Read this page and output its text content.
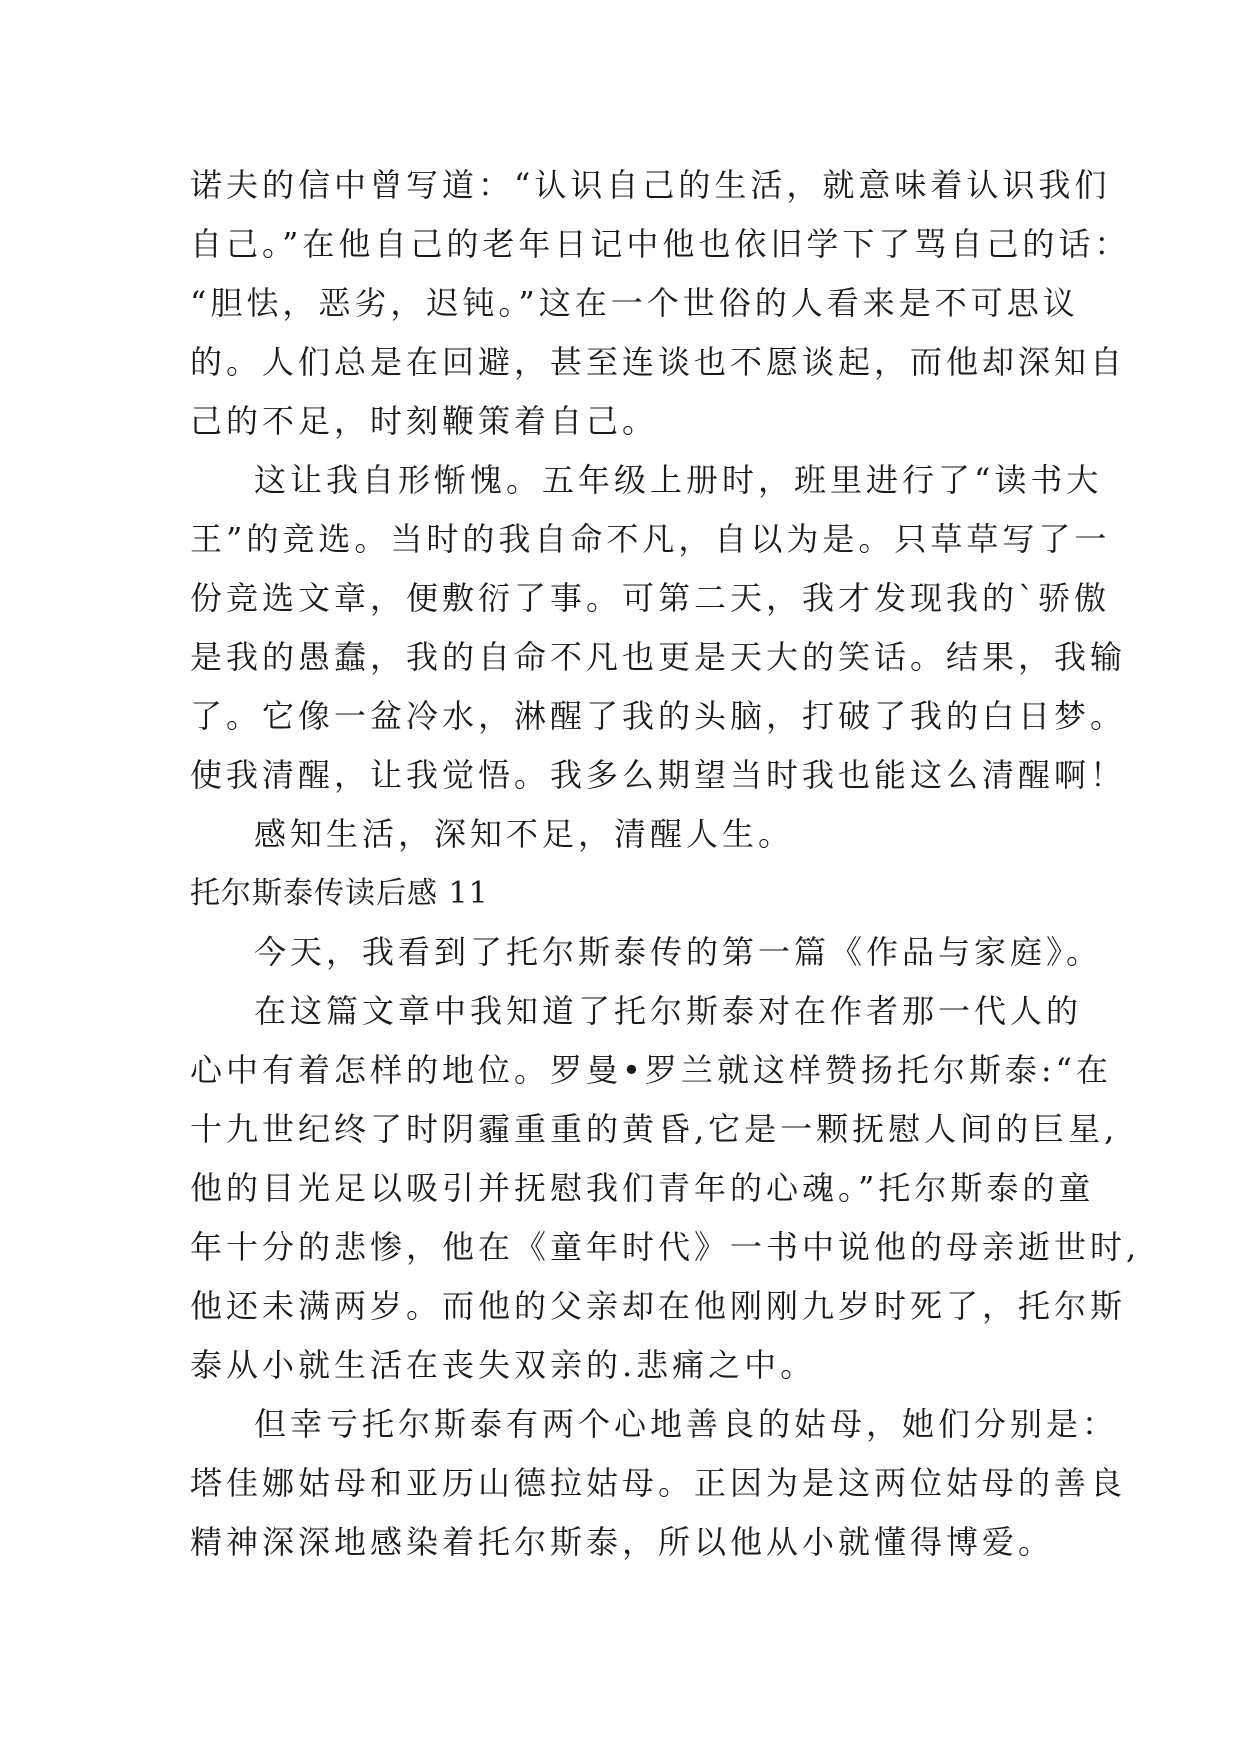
诺夫的信中曾写道：“认识自己的生活，就意味着认识我们
自己。”在他自己的老年日记中他也依旧学下了骂自己的话：
“胆怯，恶劣，迟钝。”这在一个世俗的人看来是不可思议
的。人们总是在回避，甚至连谈也不愿谈起，而他却深知自
己的不足，时刻鞭策着自己。
这让我自形惭愧。五年级上册时，班里进行了“读书大
王”的竞选。当时的我自命不凡，自以为是。只草草写了一
份竞选文章，便敷衍了事。可第二天，我才发现我的`骄傲
是我的愚蠢，我的自命不凡也更是天大的笑话。结果，我输
了。它像一盆冷水，淋醒了我的头脑，打破了我的白日梦。
使我清醒，让我觉悟。我多么期望当时我也能这么清醒啊！
感知生活，深知不足，清醒人生。
托尔斯泰传读后感 11
今天，我看到了托尔斯泰传的第一篇《作品与家庭》。
在这篇文章中我知道了托尔斯泰对在作者那一代人的
心中有着怎样的地位。罗曼•罗兰就这样赞扬托尔斯泰:“在
十九世纪终了时阴霾重重的黄昏,它是一颗抚慰人间的巨星,
他的目光足以吸引并抚慰我们青年的心魂。”托尔斯泰的童
年十分的悲惨，他在《童年时代》一书中说他的母亲逝世时,
他还未满两岁。而他的父亲却在他刚刚九岁时死了，托尔斯
泰从小就生活在丧失双亲的.悲痛之中。
但幸亏托尔斯泰有两个心地善良的姑母，她们分别是：
塔佳娜姑母和亚历山德拉姑母。正因为是这两位姑母的善良
精神深深地感染着托尔斯泰，所以他从小就懂得博爱。
